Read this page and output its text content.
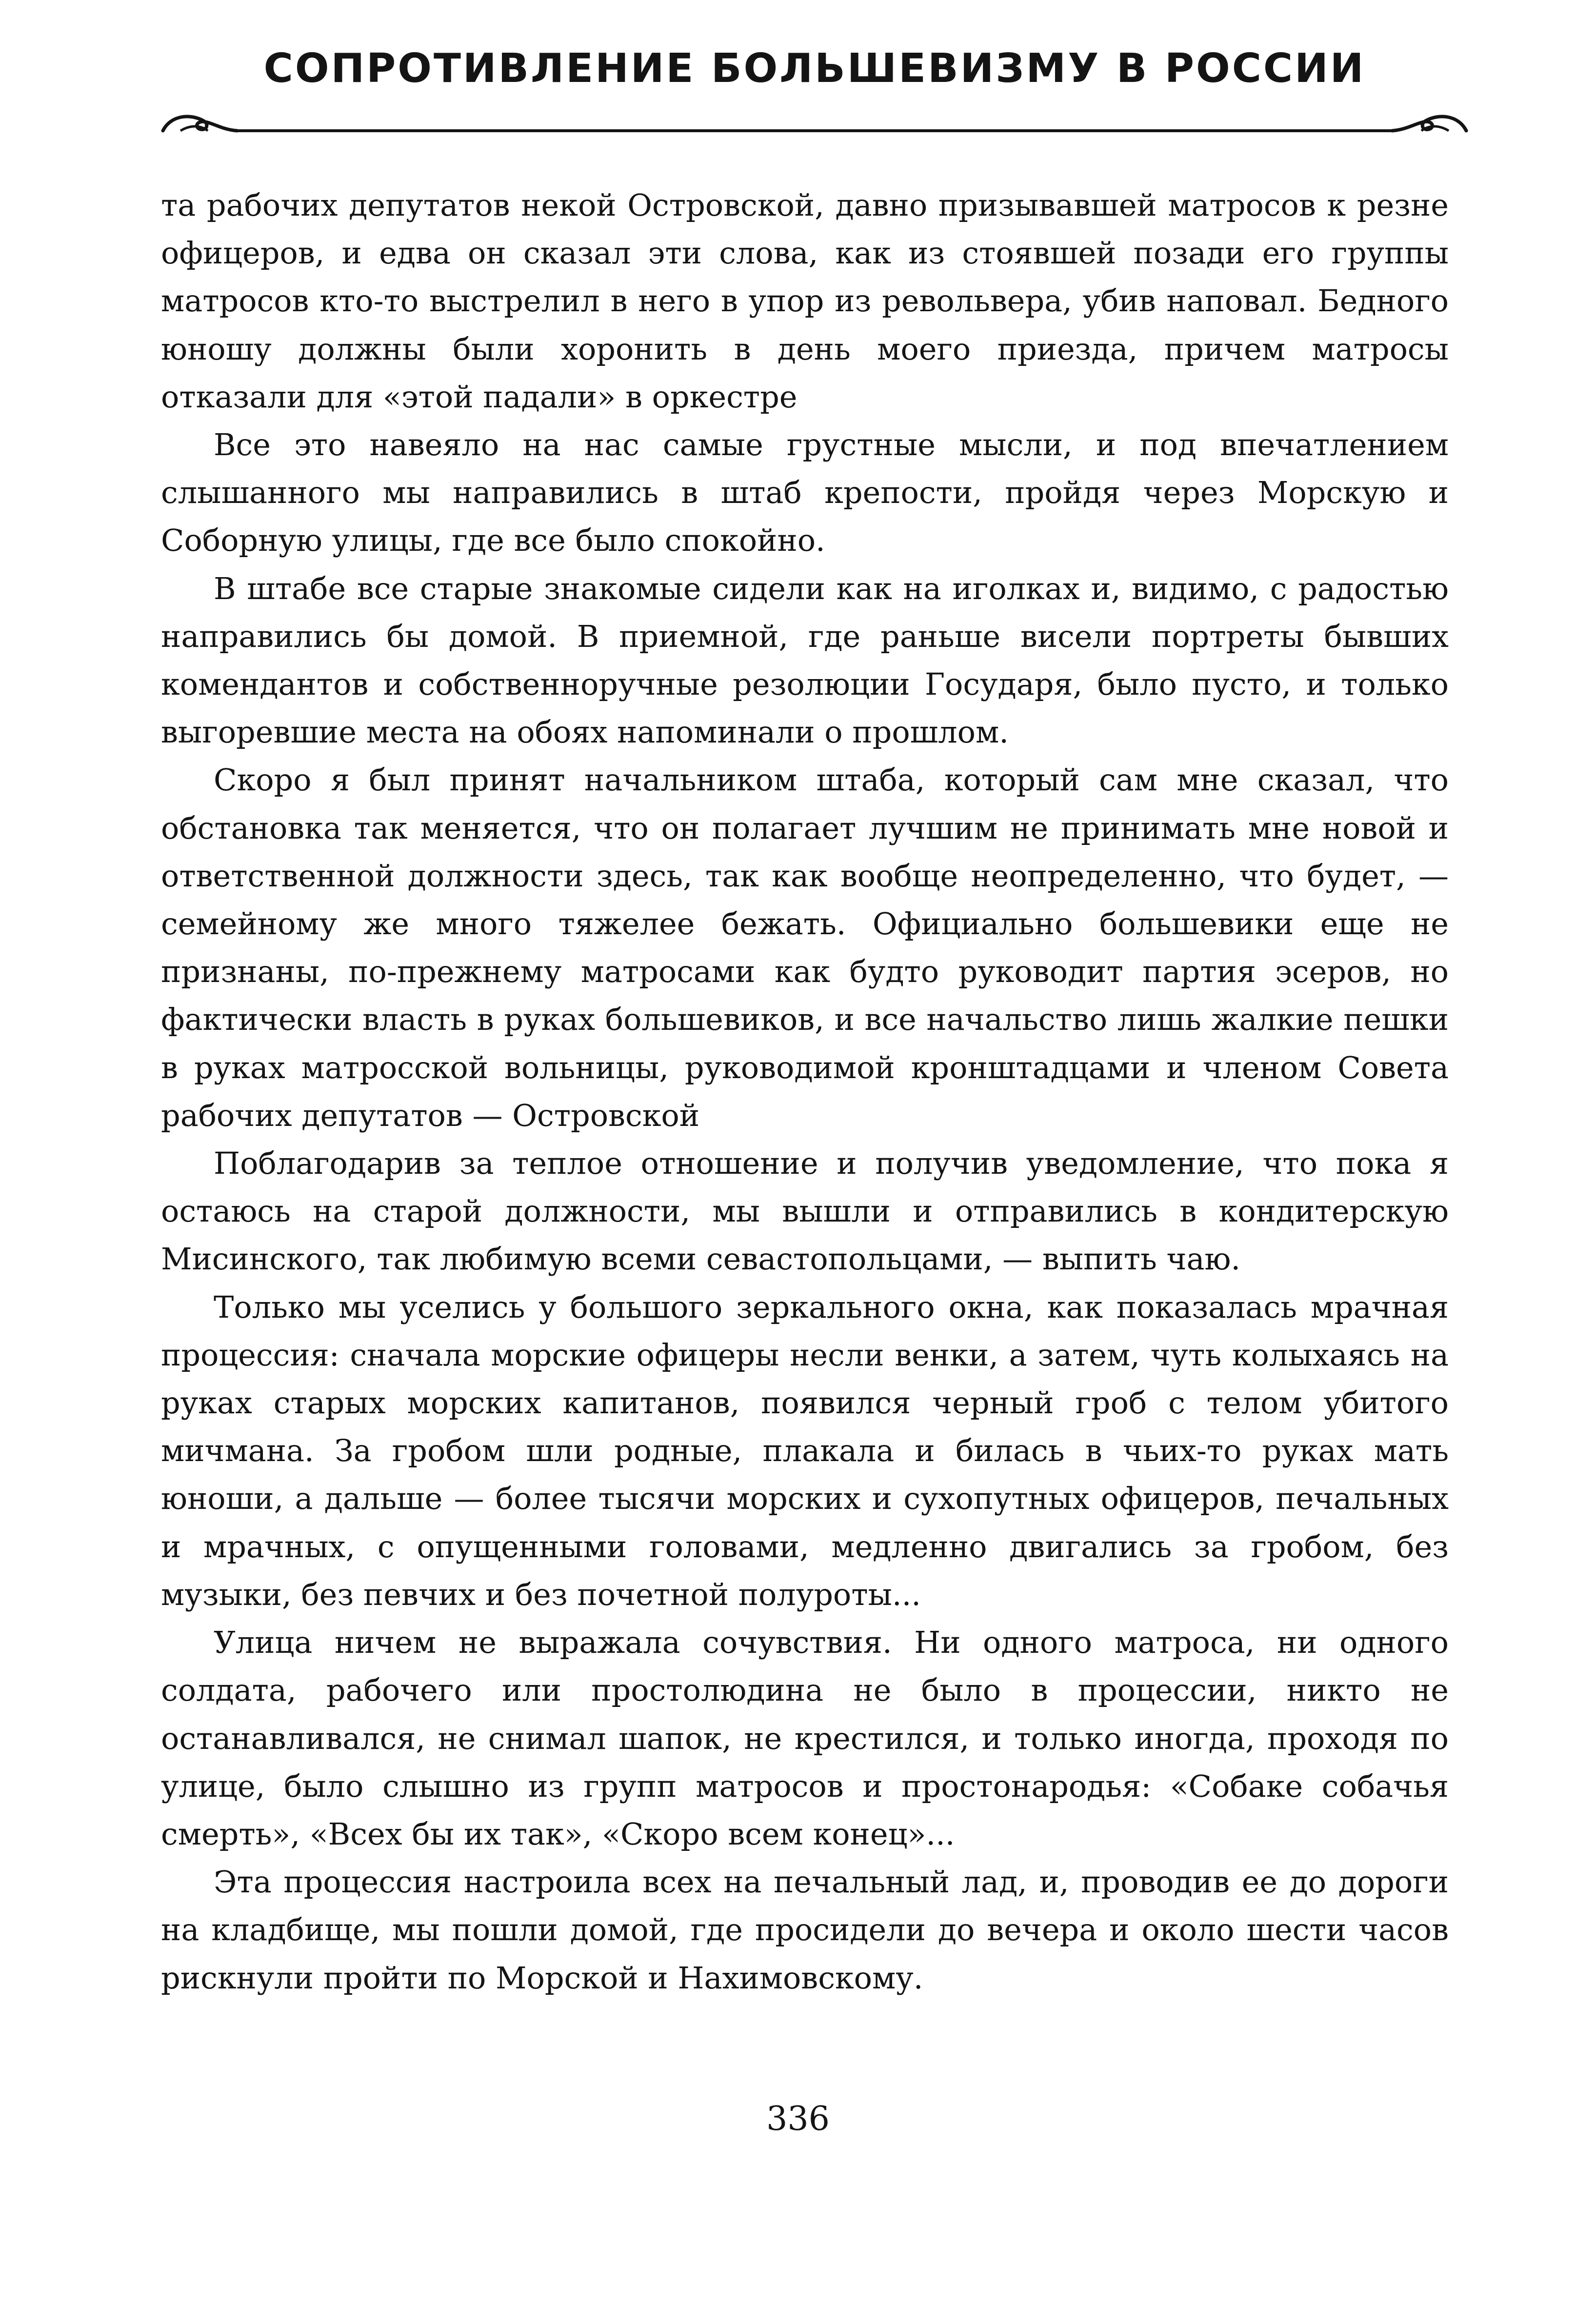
СОПРОТИВЛЕНИЕ БОЛЬШЕВИЗМУ В РОССИИ

та рабочих депутатов некой Островской, давно призывавшей матросов к резне офицеров, и едва он сказал эти слова, как из стоявшей позади его группы матросов кто-то выстрелил в него в упор из револьвера, убив наповал. Бедного юношу должны были хоронить в день моего приезда, причем матросы отказали для «этой падали» в оркестре

Все это навеяло на нас самые грустные мысли, и под впечатлением слышанного мы направились в штаб крепости, пройдя через Морскую и Соборную улицы, где все было спокойно.

В штабе все старые знакомые сидели как на иголках и, видимо, с радостью направились бы домой. В приемной, где раньше висели портреты бывших комендантов и собственноручные резолюции Государя, было пусто, и только выгоревшие места на обоях напоминали о прошлом.

Скоро я был принят начальником штаба, который сам мне сказал, что обстановка так меняется, что он полагает лучшим не принимать мне новой и ответственной должности здесь, так как вообще неопределенно, что будет, — семейному же много тяжелее бежать. Официально большевики еще не признаны, по-прежнему матросами как будто руководит партия эсеров, но фактически власть в руках большевиков, и все начальство лишь жалкие пешки в руках матросской вольницы, руководимой кронштадцами и членом Совета рабочих депутатов — Островской

Поблагодарив за теплое отношение и получив уведомление, что пока я остаюсь на старой должности, мы вышли и отправились в кондитерскую Мисинского, так любимую всеми севастопольцами, — выпить чаю.

Только мы уселись у большого зеркального окна, как показалась мрачная процессия: сначала морские офицеры несли венки, а затем, чуть колыхаясь на руках старых морских капитанов, появился черный гроб с телом убитого мичмана. За гробом шли родные, плакала и билась в чьих-то руках мать юноши, а дальше — более тысячи морских и сухопутных офицеров, печальных и мрачных, с опущенными головами, медленно двигались за гробом, без музыки, без певчих и без почетной полуроты...

Улица ничем не выражала сочувствия. Ни одного матроса, ни одного солдата, рабочего или простолюдина не было в процессии, никто не останавливался, не снимал шапок, не крестился, и только иногда, проходя по улице, было слышно из групп матросов и простонародья: «Собаке собачья смерть», «Всех бы их так», «Скоро всем конец»...

Эта процессия настроила всех на печальный лад, и, проводив ее до дороги на кладбище, мы пошли домой, где просидели до вечера и около шести часов рискнули пройти по Морской и Нахимовскому.

336
